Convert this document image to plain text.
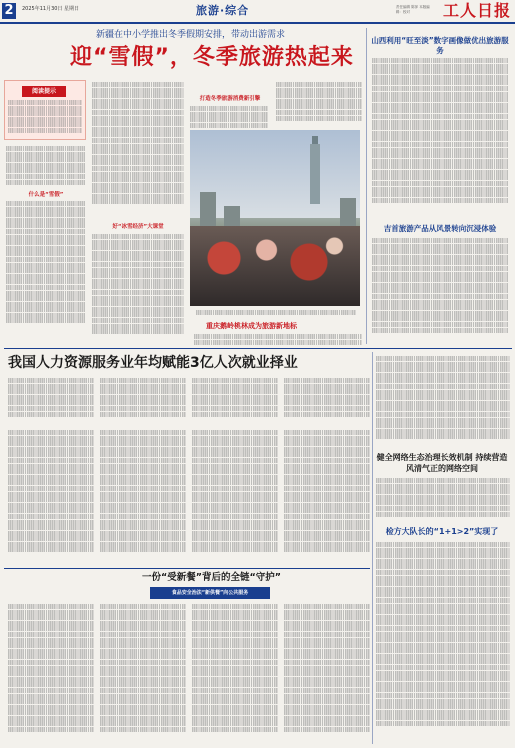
2	2025年11月30日 星期日	旅游·综合	责任编辑 陈萍 本版编辑：校对	工人日报
新疆在中小学推出冬季假期安排，带动出游需求
迎“雪假”，冬季旅游热起来
阅读提示
什么是“雪假”
好“冰雪经济”大课堂
打造冬季旅游消费新引擎
重庆鹅岭桃林成为旅游新地标
山西利用“旺至淡”数字画像做优出旅游服务
吉首旅游产品从风景转向沉浸体验
我国人力资源服务业年均赋能3亿人次就业择业
健全网络生态治理长效机制 持续营造风清气正的网络空间
检方大队长的“1+1>2”实现了
一份“受新餐”背后的全链“守护”
食品安全治法“新供餐”向公共服务
